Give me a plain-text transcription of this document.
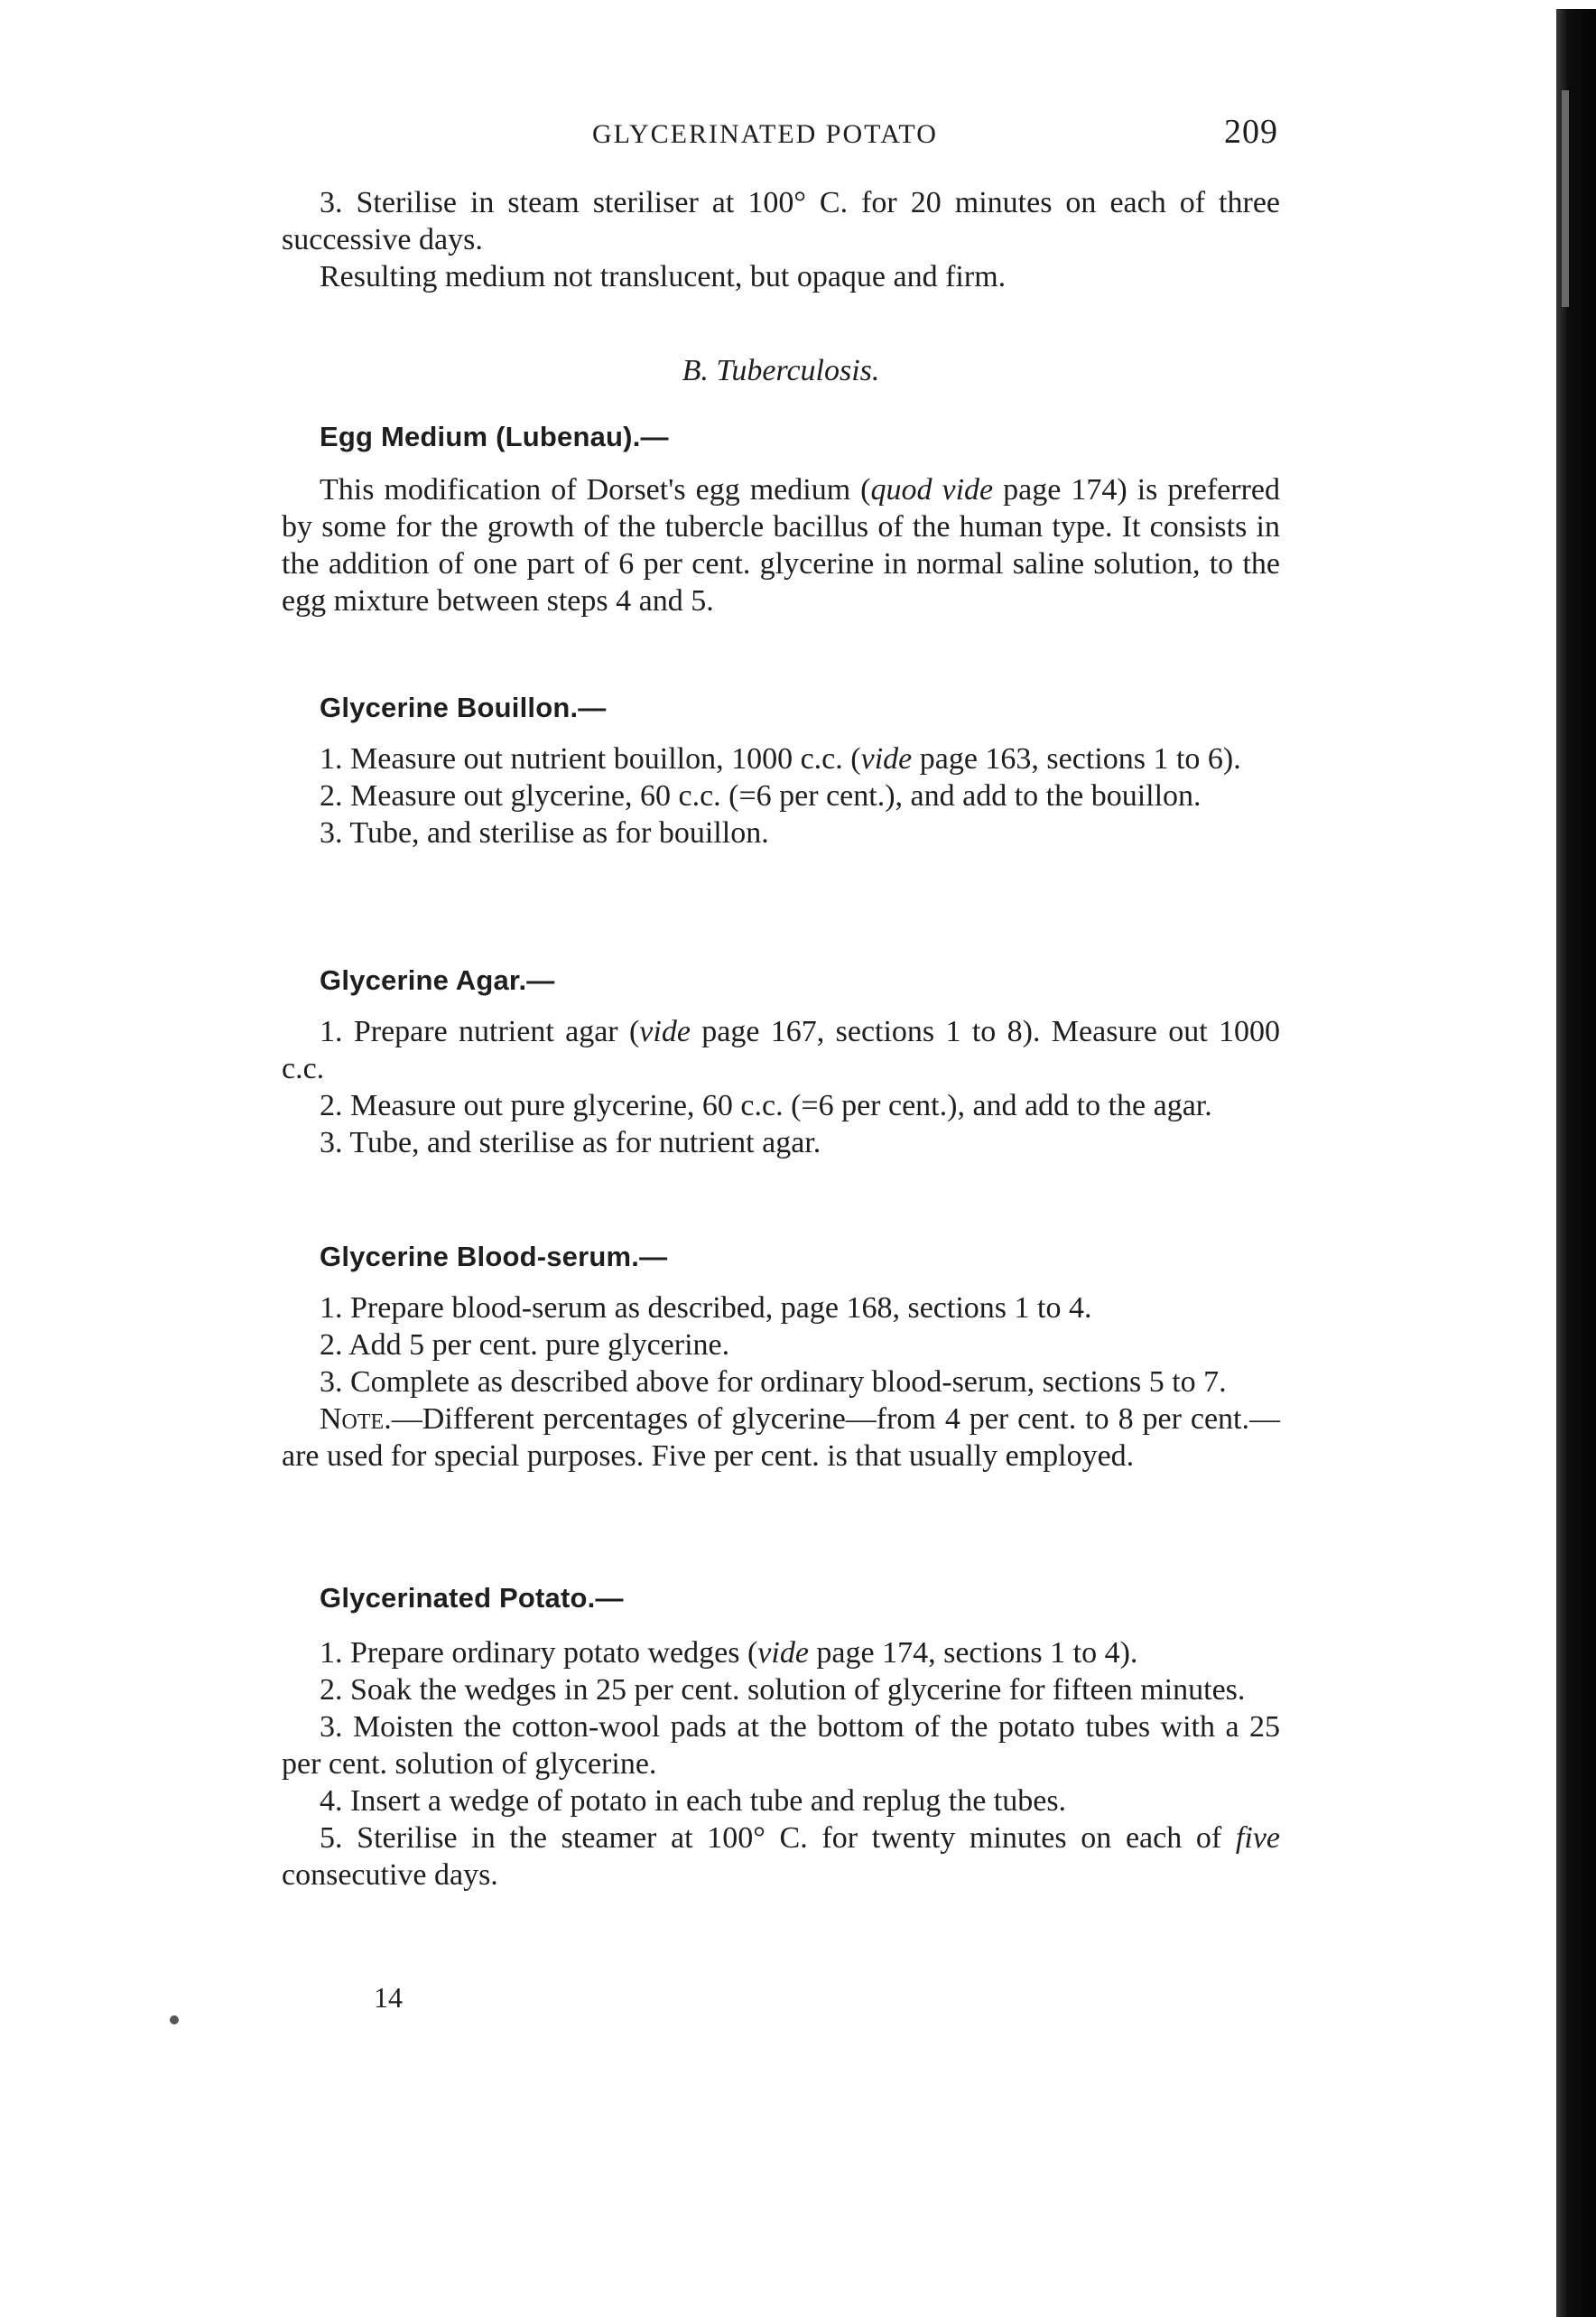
GLYCERINATED POTATO	209

3. Sterilise in steam steriliser at 100° C. for 20 minutes on each of three successive days.

Resulting medium not translucent, but opaque and firm.

B. Tuberculosis.
Egg Medium (Lubenau).—

This modification of Dorset's egg medium (quod vide page 174) is preferred by some for the growth of the tubercle bacillus of the human type. It consists in the addition of one part of 6 per cent. glycerine in normal saline solution, to the egg mixture between steps 4 and 5.

Glycerine Bouillon.—

1. Measure out nutrient bouillon, 1000 c.c. (vide page 163, sections 1 to 6).

2. Measure out glycerine, 60 c.c. (=6 per cent.), and add to the bouillon.

3. Tube, and sterilise as for bouillon.

Glycerine Agar.—

1. Prepare nutrient agar (vide page 167, sections 1 to 8). Measure out 1000 c.c.

2. Measure out pure glycerine, 60 c.c. (=6 per cent.), and add to the agar.

3. Tube, and sterilise as for nutrient agar.

Glycerine Blood-serum.—

1. Prepare blood-serum as described, page 168, sections 1 to 4.

2. Add 5 per cent. pure glycerine.

3. Complete as described above for ordinary blood-serum, sections 5 to 7.

Note.—Different percentages of glycerine—from 4 per cent. to 8 per cent.—are used for special purposes. Five per cent. is that usually employed.

Glycerinated Potato.—

1. Prepare ordinary potato wedges (vide page 174, sections 1 to 4).

2. Soak the wedges in 25 per cent. solution of glycerine for fifteen minutes.

3. Moisten the cotton-wool pads at the bottom of the potato tubes with a 25 per cent. solution of glycerine.

4. Insert a wedge of potato in each tube and replug the tubes.

5. Sterilise in the steamer at 100° C. for twenty minutes on each of five consecutive days.

14
